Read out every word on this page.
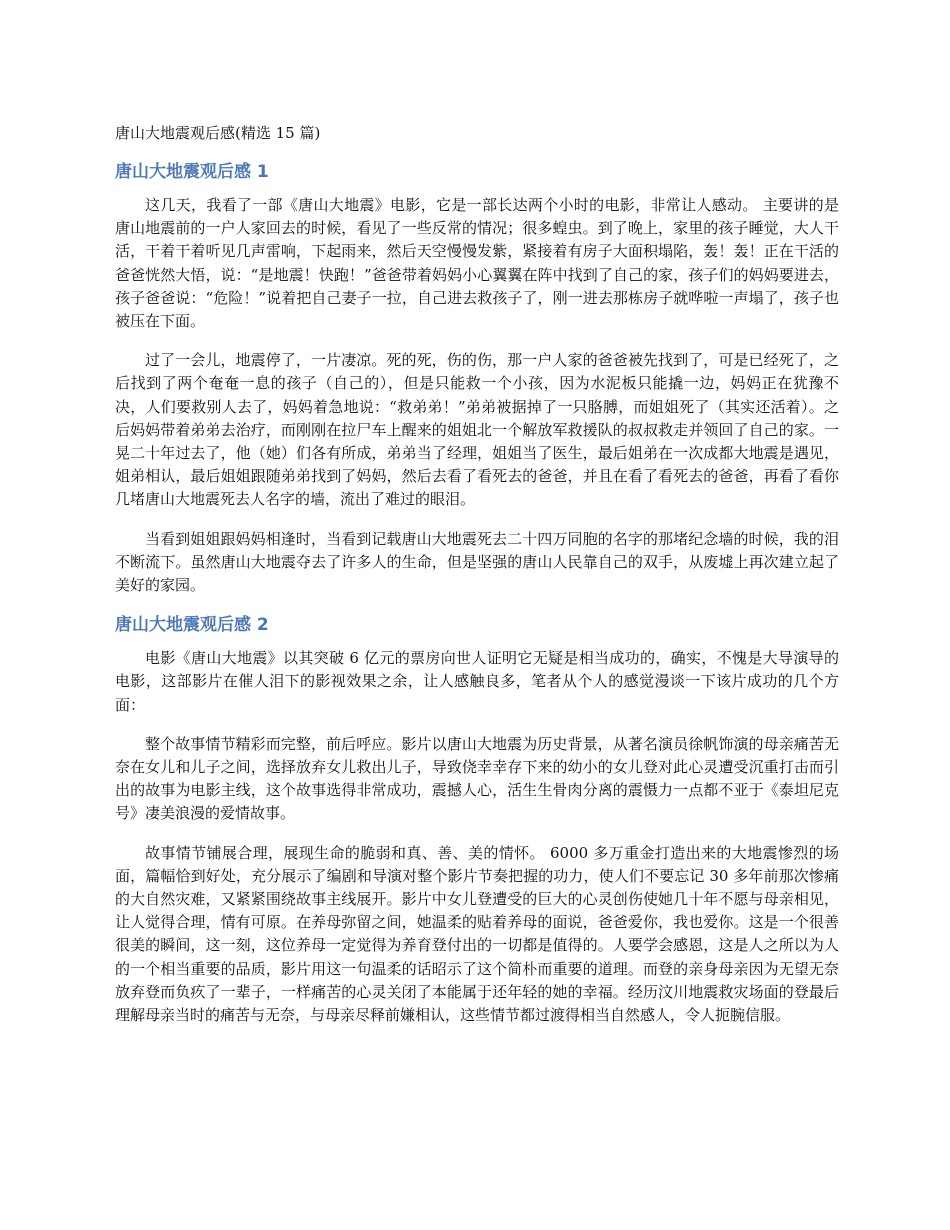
唐山大地震观后感(精选 15 篇)
唐山大地震观后感 1

这几天，我看了一部《唐山大地震》电影，它是一部长达两个小时的电影，非常让人感动。 主要讲的是唐山地震前的一户人家回去的时候，看见了一些反常的情况；很多蝗虫。到了晚上，家里的孩子睡觉，大人干活，干着干着听见几声雷响，下起雨来，然后天空慢慢发紫，紧接着有房子大面积塌陷，轰！轰！正在干活的爸爸恍然大悟，说：“是地震！快跑！”爸爸带着妈妈小心翼翼在阵中找到了自己的家，孩子们的妈妈要进去，孩子爸爸说：“危险！”说着把自己妻子一拉，自己进去救孩子了，刚一进去那栋房子就哗啦一声塌了，孩子也被压在下面。

过了一会儿，地震停了，一片凄凉。死的死，伤的伤，那一户人家的爸爸被先找到了，可是已经死了，之后找到了两个奄奄一息的孩子（自己的），但是只能救一个小孩，因为水泥板只能撬一边，妈妈正在犹豫不决，人们要救别人去了，妈妈着急地说：“救弟弟！”弟弟被据掉了一只胳膊，而姐姐死了（其实还活着）。之后妈妈带着弟弟去治疗，而刚刚在拉尸车上醒来的姐姐北一个解放军救援队的叔叔救走并领回了自己的家。一晃二十年过去了，他（她）们各有所成，弟弟当了经理，姐姐当了医生，最后姐弟在一次成都大地震是遇见，姐弟相认，最后姐姐跟随弟弟找到了妈妈，然后去看了看死去的爸爸，并且在看了看死去的爸爸，再看了看你几堵唐山大地震死去人名字的墙，流出了难过的眼泪。

当看到姐姐跟妈妈相逢时，当看到记载唐山大地震死去二十四万同胞的名字的那堵纪念墙的时候，我的泪不断流下。虽然唐山大地震夺去了许多人的生命，但是坚强的唐山人民靠自己的双手，从废墟上再次建立起了美好的家园。

唐山大地震观后感 2

电影《唐山大地震》以其突破 6 亿元的票房向世人证明它无疑是相当成功的，确实，不愧是大导演导的电影，这部影片在催人泪下的影视效果之余，让人感触良多，笔者从个人的感觉漫谈一下该片成功的几个方面：

整个故事情节精彩而完整，前后呼应。影片以唐山大地震为历史背景，从著名演员徐帆饰演的母亲痛苦无奈在女儿和儿子之间，选择放弃女儿救出儿子，导致侥幸幸存下来的幼小的女儿登对此心灵遭受沉重打击而引出的故事为电影主线，这个故事选得非常成功，震撼人心，活生生骨肉分离的震慑力一点都不亚于《泰坦尼克号》凄美浪漫的爱情故事。

故事情节铺展合理，展现生命的脆弱和真、善、美的情怀。 6000 多万重金打造出来的大地震惨烈的场面，篇幅恰到好处，充分展示了编剧和导演对整个影片节奏把握的功力，使人们不要忘记 30 多年前那次惨痛的大自然灾难，又紧紧围绕故事主线展开。影片中女儿登遭受的巨大的心灵创伤使她几十年不愿与母亲相见，让人觉得合理，情有可原。在养母弥留之间，她温柔的贴着养母的面说，爸爸爱你，我也爱你。这是一个很善很美的瞬间，这一刻，这位养母一定觉得为养育登付出的一切都是值得的。人要学会感恩，这是人之所以为人的一个相当重要的品质，影片用这一句温柔的话昭示了这个简朴而重要的道理。而登的亲身母亲因为无望无奈放弃登而负疚了一辈子，一样痛苦的心灵关闭了本能属于还年轻的她的幸福。经历汶川地震救灾场面的登最后理解母亲当时的痛苦与无奈，与母亲尽释前嫌相认，这些情节都过渡得相当自然感人，令人扼腕信服。
